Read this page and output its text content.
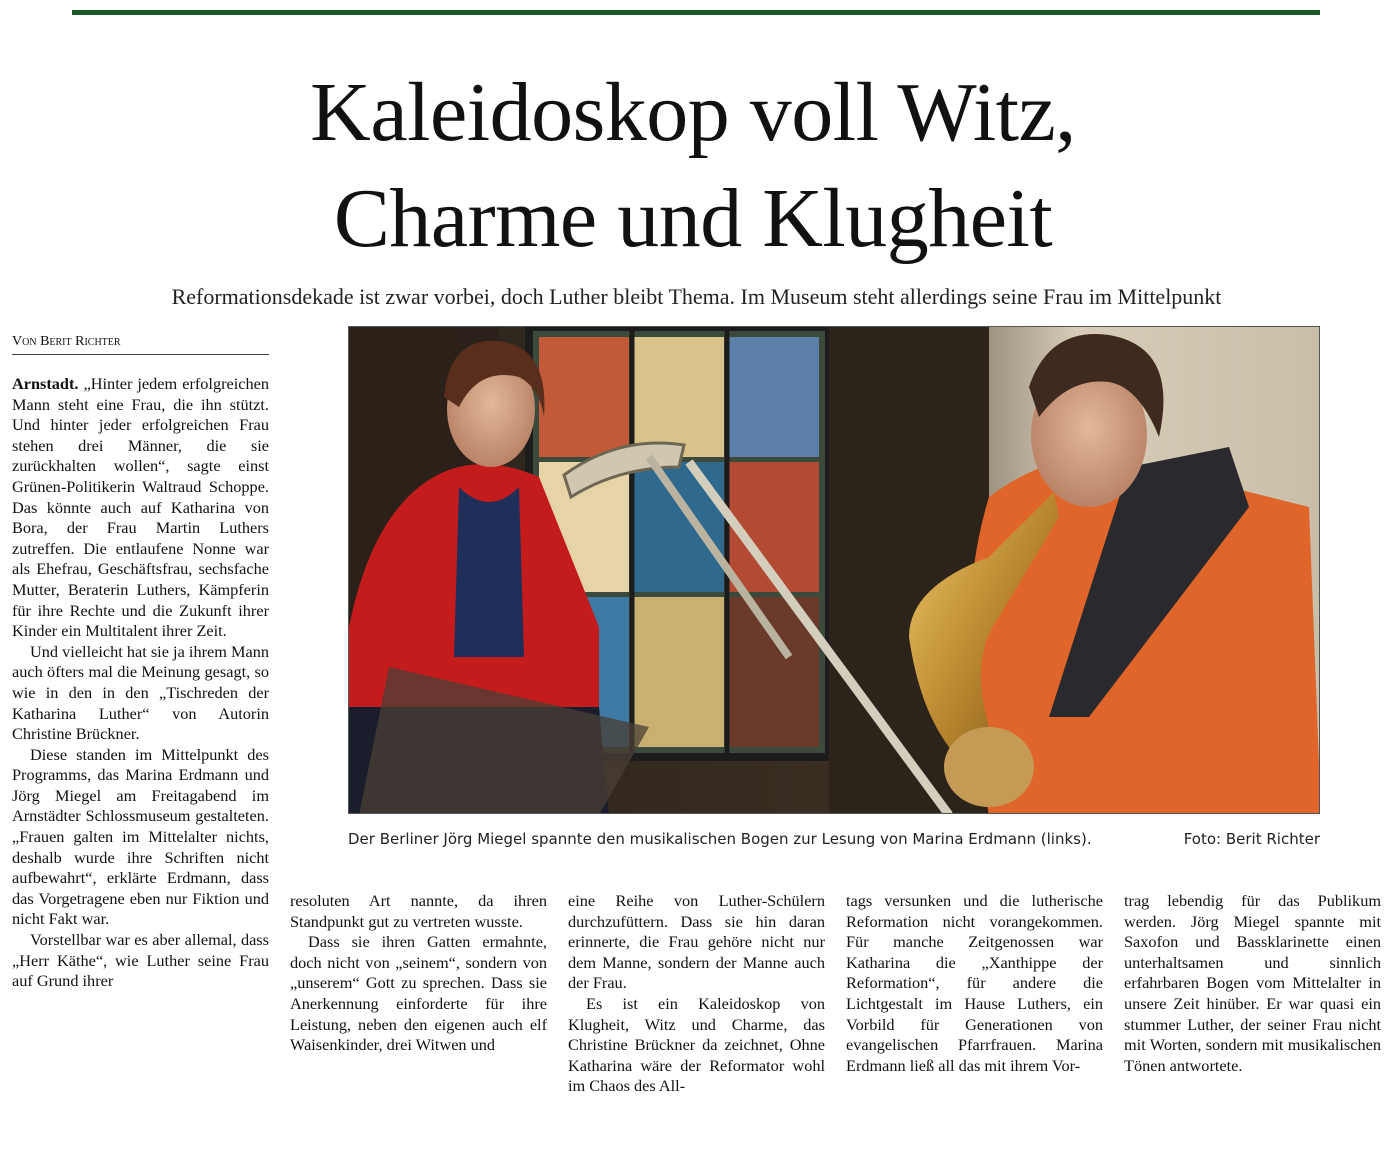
Kaleidoskop voll Witz,
Charme und Klugheit

Reformationsdekade ist zwar vorbei, doch Luther bleibt Thema. Im Museum steht allerdings seine Frau im Mittelpunkt

Von Berit Richter

Arnstadt. „Hinter jedem erfolgreichen Mann steht eine Frau, die ihn stützt. Und hinter jeder erfolgreichen Frau stehen drei Männer, die sie zurückhalten wollen“, sagte einst Grünen-Politikerin Waltraud Schoppe. Das könnte auch auf Katharina von Bora, der Frau Martin Luthers zutreffen. Die entlaufene Nonne war als Ehefrau, Geschäftsfrau, sechsfache Mutter, Beraterin Luthers, Kämpferin für ihre Rechte und die Zukunft ihrer Kinder ein Multitalent ihrer Zeit.

Und vielleicht hat sie ja ihrem Mann auch öfters mal die Meinung gesagt, so wie in den in den „Tischreden der Katharina Luther“ von Autorin Christine Brückner.

Diese standen im Mittelpunkt des Programms, das Marina Erdmann und Jörg Miegel am Freitagabend im Arnstädter Schlossmuseum gestalteten. „Frauen galten im Mittelalter nichts, deshalb wurde ihre Schriften nicht aufbewahrt“, erklärte Erdmann, dass das Vorgetragene eben nur Fiktion und nicht Fakt war.

Vorstellbar war es aber allemal, dass „Herr Käthe“, wie Luther seine Frau auf Grund ihrer

resoluten Art nannte, da ihren Standpunkt gut zu vertreten wusste.

Dass sie ihren Gatten ermahnte, doch nicht von „seinem“, sondern von „unserem“ Gott zu sprechen. Dass sie Anerkennung einforderte für ihre Leistung, neben den eigenen auch elf Waisenkinder, drei Witwen und

eine Reihe von Luther-Schülern durchzufüttern. Dass sie hin daran erinnerte, die Frau gehöre nicht nur dem Manne, sondern der Manne auch der Frau.

Es ist ein Kaleidoskop von Klugheit, Witz und Charme, das Christine Brückner da zeichnet, Ohne Katharina wäre der Reformator wohl im Chaos des All-

tags versunken und die lutherische Reformation nicht vorangekommen. Für manche Zeitgenossen war Katharina die „Xanthippe der Reformation“, für andere die Lichtgestalt im Hause Luthers, ein Vorbild für Generationen von evangelischen Pfarrfrauen. Marina Erdmann ließ all das mit ihrem Vor-

trag lebendig für das Publikum werden. Jörg Miegel spannte mit Saxofon und Bassklarinette einen unterhaltsamen und sinnlich erfahrbaren Bogen vom Mittelalter in unsere Zeit hinüber. Er war quasi ein stummer Luther, der seiner Frau nicht mit Worten, sondern mit musikalischen Tönen antwortete.

Der Berliner Jörg Miegel spannte den musikalischen Bogen zur Lesung von Marina Erdmann (links).	Foto: Berit Richter
